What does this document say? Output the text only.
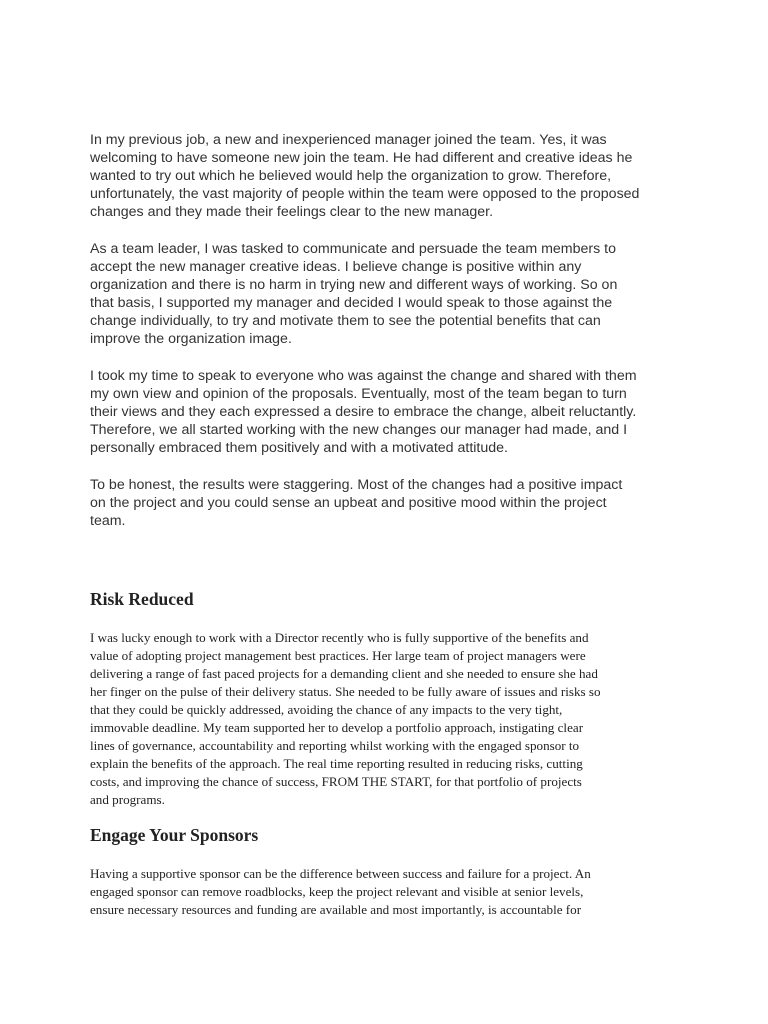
In my previous job, a new and inexperienced manager joined the team. Yes, it was

welcoming to have someone new join the team. He had different and creative ideas he

wanted to try out which he believed would help the organization to grow. Therefore,

unfortunately, the vast majority of people within the team were opposed to the proposed

changes and they made their feelings clear to the new manager.

As a team leader, I was tasked to communicate and persuade the team members to

accept the new manager creative ideas. I believe change is positive within any

organization and there is no harm in trying new and different ways of working. So on

that basis, I supported my manager and decided I would speak to those against the

change individually, to try and motivate them to see the potential benefits that can

improve the organization image.

I took my time to speak to everyone who was against the change and shared with them

my own view and opinion of the proposals. Eventually, most of the team began to turn

their views and they each expressed a desire to embrace the change, albeit reluctantly.

Therefore, we all started working with the new changes our manager had made, and I

personally embraced them positively and with a motivated attitude.

To be honest, the results were staggering. Most of the changes had a positive impact

on the project and you could sense an upbeat and positive mood within the project

team.

Risk Reduced

I was lucky enough to work with a Director recently who is fully supportive of the benefits and

value of adopting project management best practices. Her large team of project managers were

delivering a range of fast paced projects for a demanding client and she needed to ensure she had

her finger on the pulse of their delivery status. She needed to be fully aware of issues and risks so

that they could be quickly addressed, avoiding the chance of any impacts to the very tight,

immovable deadline. My team supported her to develop a portfolio approach, instigating clear

lines of governance, accountability and reporting whilst working with the engaged sponsor to

explain the benefits of the approach. The real time reporting resulted in reducing risks, cutting

costs, and improving the chance of success, FROM THE START, for that portfolio of projects

and programs.

Engage Your Sponsors

Having a supportive sponsor can be the difference between success and failure for a project. An

engaged sponsor can remove roadblocks, keep the project relevant and visible at senior levels,

ensure necessary resources and funding are available and most importantly, is accountable for
